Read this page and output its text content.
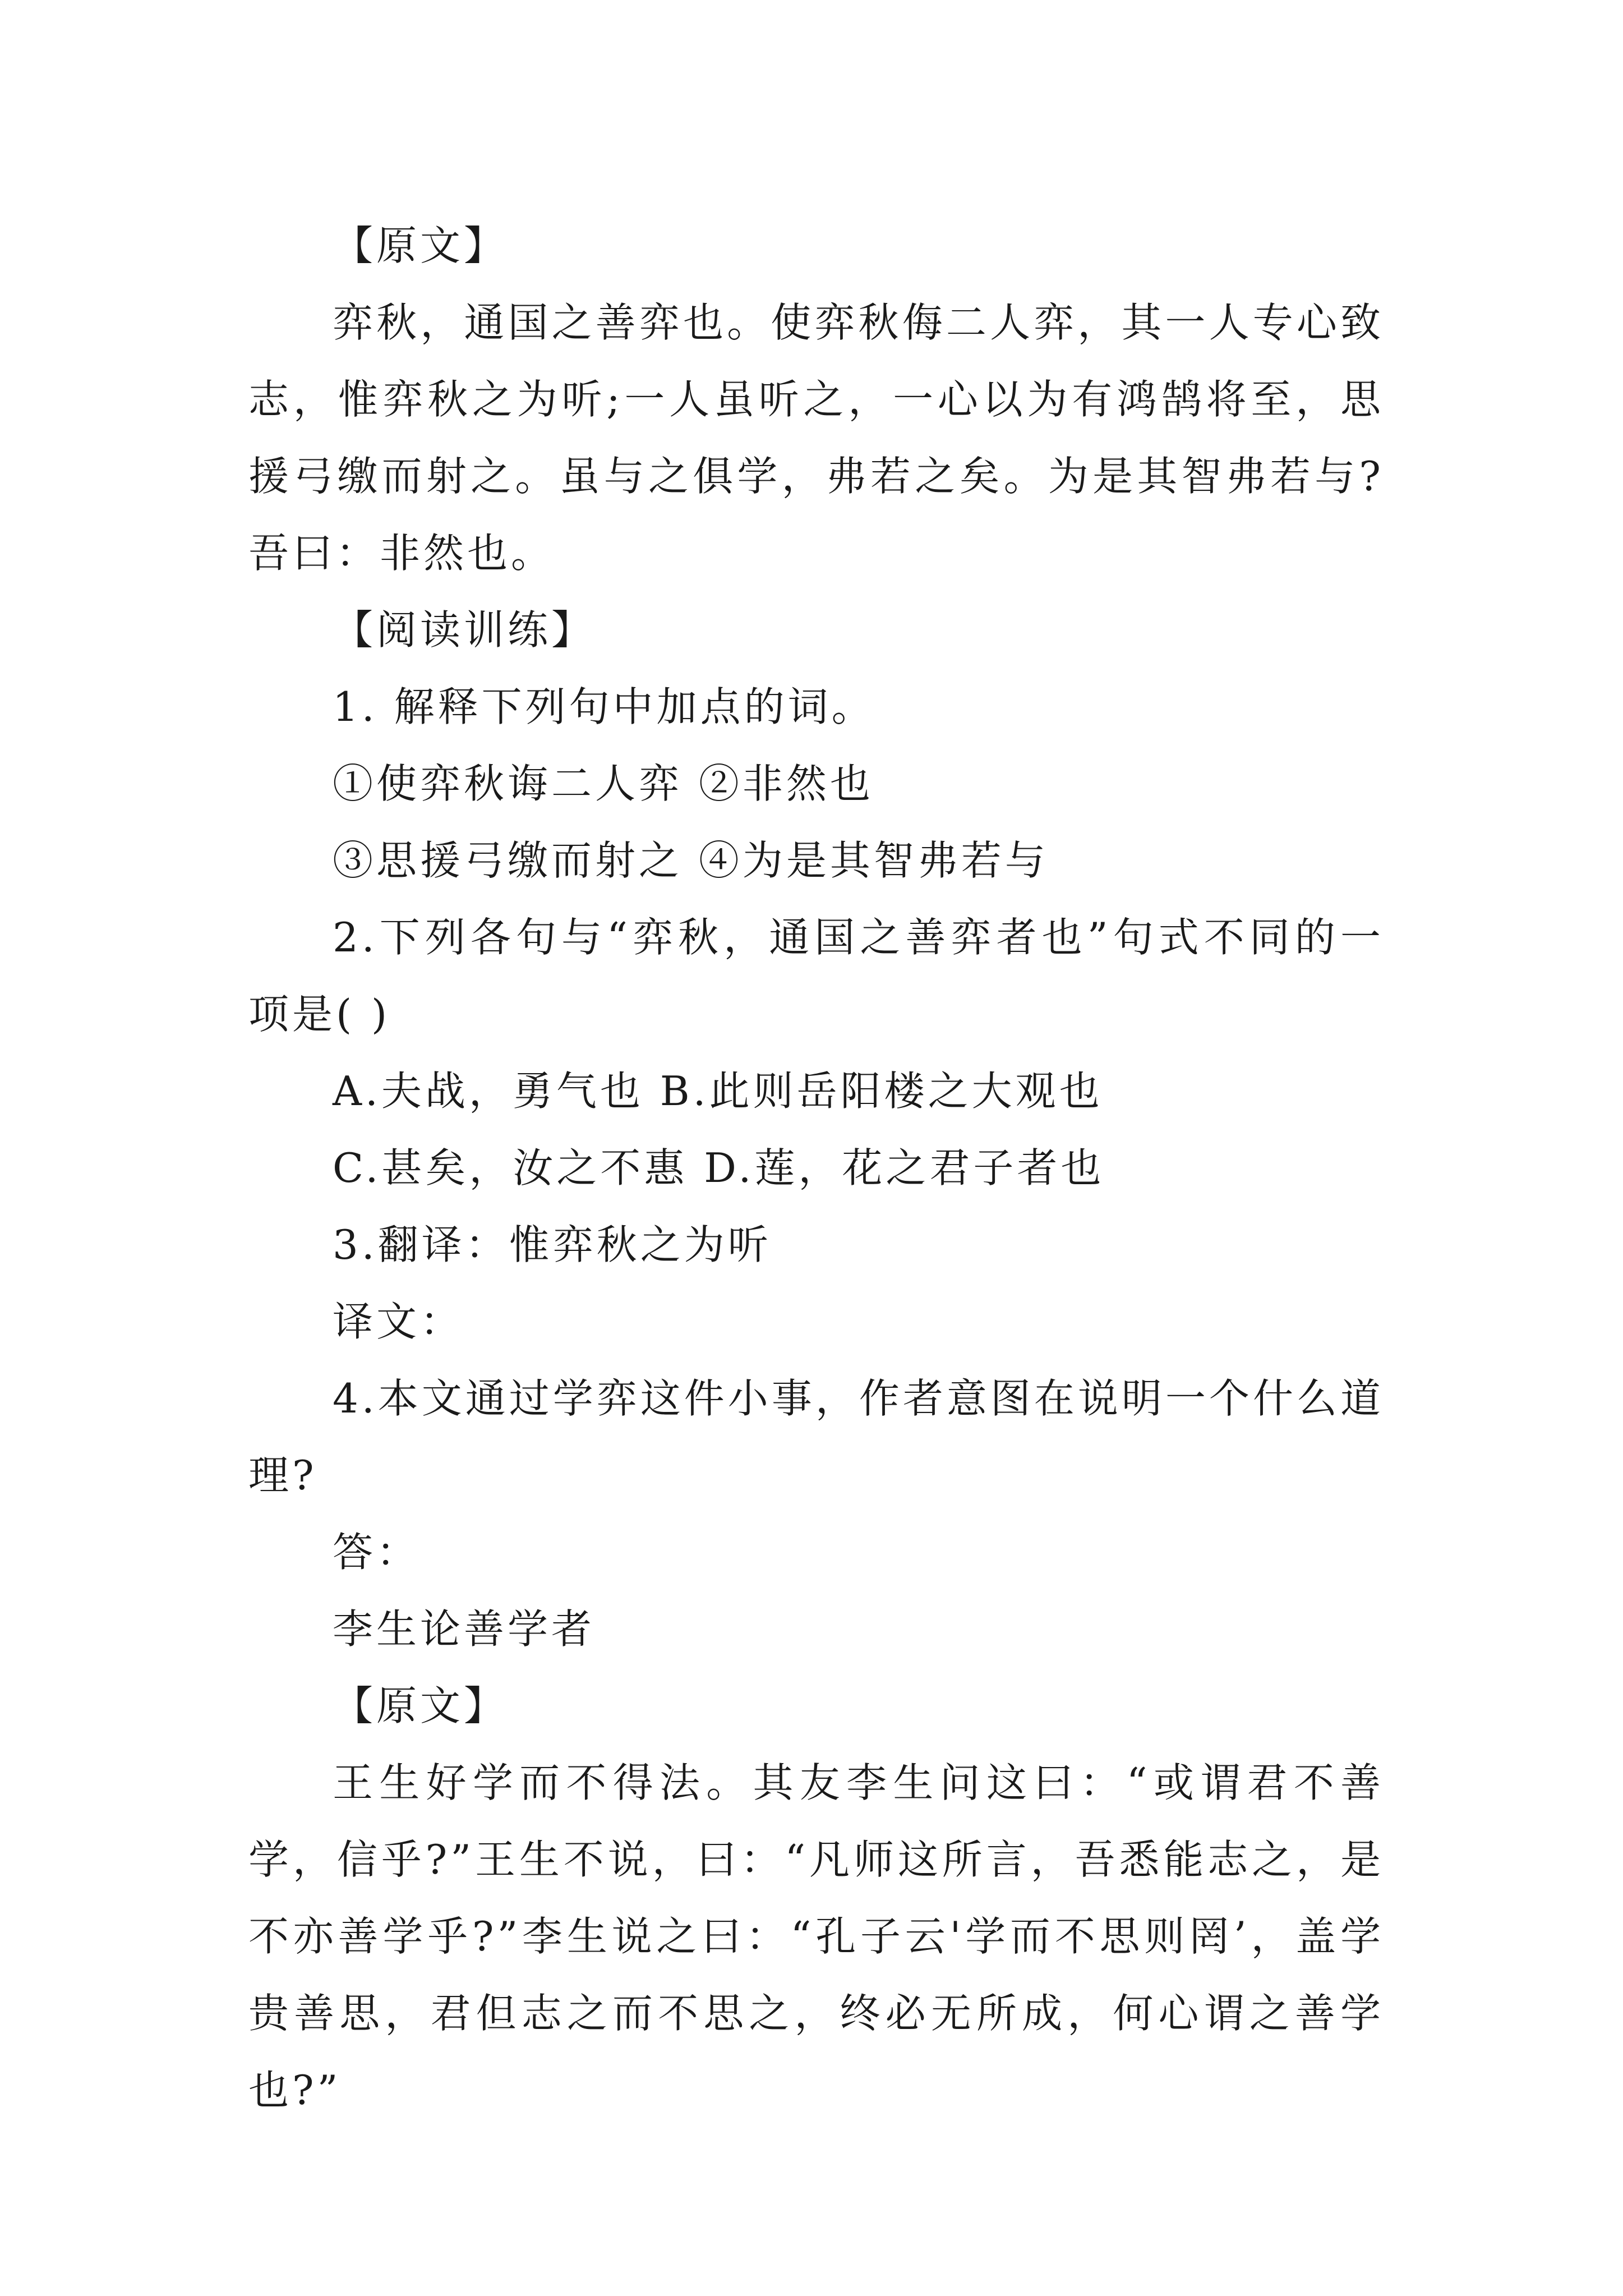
【原文】

弈秋，通国之善弈也。使弈秋侮二人弈，其一人专心致志，惟弈秋之为听;一人虽听之，一心以为有鸿鹄将至，思援弓缴而射之。虽与之俱学，弗若之矣。为是其智弗若与?吾曰：非然也。

【阅读训练】

1. 解释下列句中加点的词。

①使弈秋诲二人弈 ②非然也

③思援弓缴而射之 ④为是其智弗若与

2.下列各句与“弈秋，通国之善弈者也”句式不同的一项是( )

A.夫战，勇气也 B.此则岳阳楼之大观也

C.甚矣，汝之不惠 D.莲，花之君子者也

3.翻译：惟弈秋之为听

译文：

4.本文通过学弈这件小事，作者意图在说明一个什么道理?

答：

李生论善学者

【原文】

王生好学而不得法。其友李生问这曰：“或谓君不善学，信乎?”王生不说，曰：“凡师这所言，吾悉能志之，是不亦善学乎?”李生说之曰：“孔子云'学而不思则罔’，盖学贵善思，君但志之而不思之，终必无所成，何心谓之善学也?”
